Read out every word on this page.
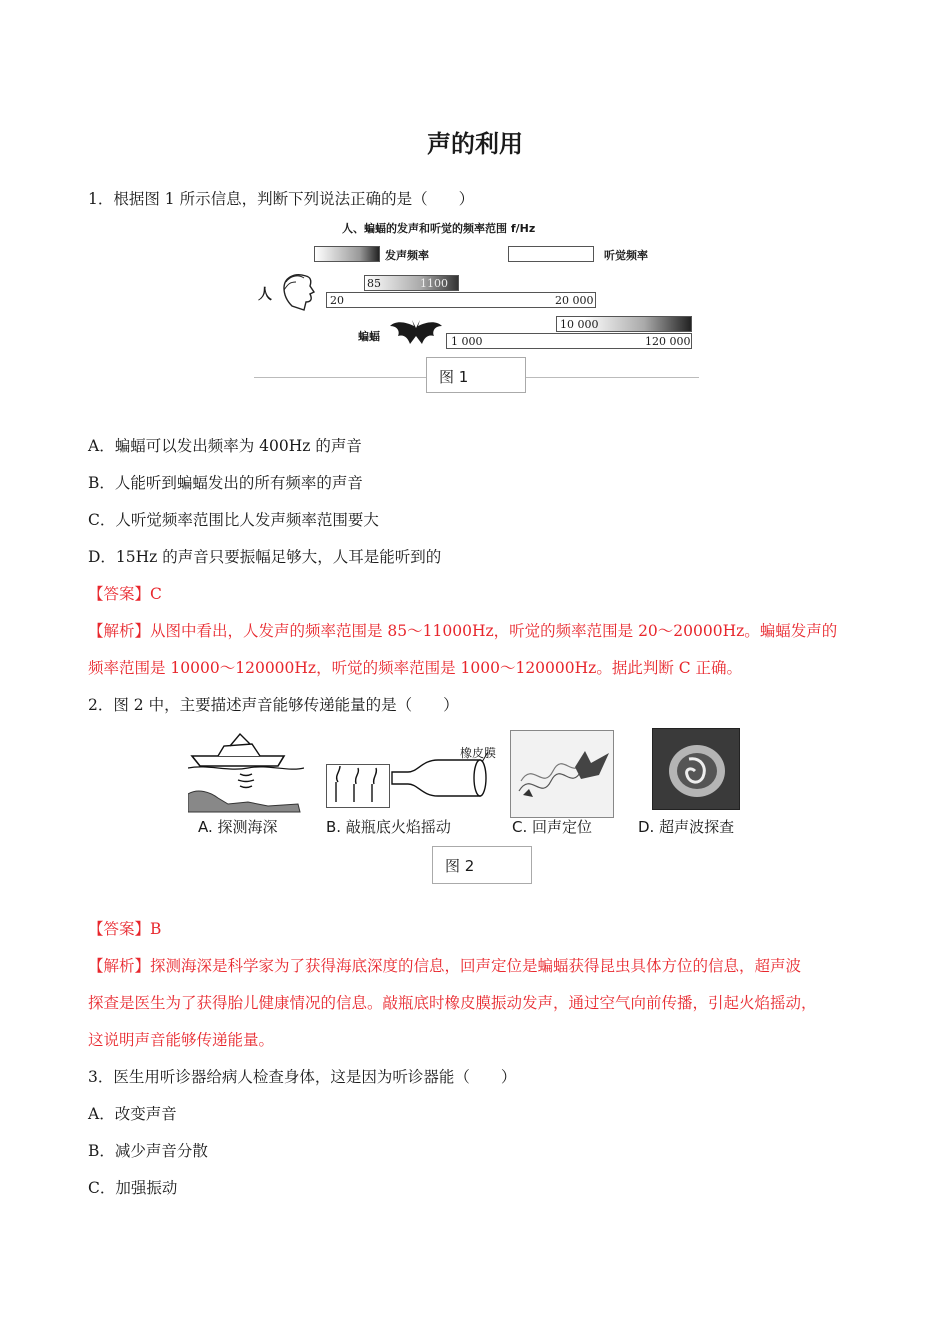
声的利用
1．根据图 1 所示信息，判断下列说法正确的是（　　）
人、蝙蝠的发声和听觉的频率范围 f/Hz
发声频率	听觉频率
人
85	1100
20	20 000
蝙蝠
10 000
1 000	120 000
图 1
A．蝙蝠可以发出频率为 400Hz 的声音
B．人能听到蝙蝠发出的所有频率的声音
C．人听觉频率范围比人发声频率范围要大
D．15Hz 的声音只要振幅足够大，人耳是能听到的
【答案】C
【解析】从图中看出，人发声的频率范围是 85～11000Hz，听觉的频率范围是 20～20000Hz。蝙蝠发声的
频率范围是 10000～120000Hz，听觉的频率范围是 1000～120000Hz。据此判断 C 正确。
2．图 2 中，主要描述声音能够传递能量的是（　　）
橡皮膜
A. 探测海深	B. 敲瓶底火焰摇动	C. 回声定位	D. 超声波探查
图 2
【答案】B
【解析】探测海深是科学家为了获得海底深度的信息，回声定位是蝙蝠获得昆虫具体方位的信息，超声波
探查是医生为了获得胎儿健康情况的信息。敲瓶底时橡皮膜振动发声，通过空气向前传播，引起火焰摇动，
这说明声音能够传递能量。
3．医生用听诊器给病人检查身体，这是因为听诊器能（　　）
A．改变声音
B．减少声音分散
C．加强振动
